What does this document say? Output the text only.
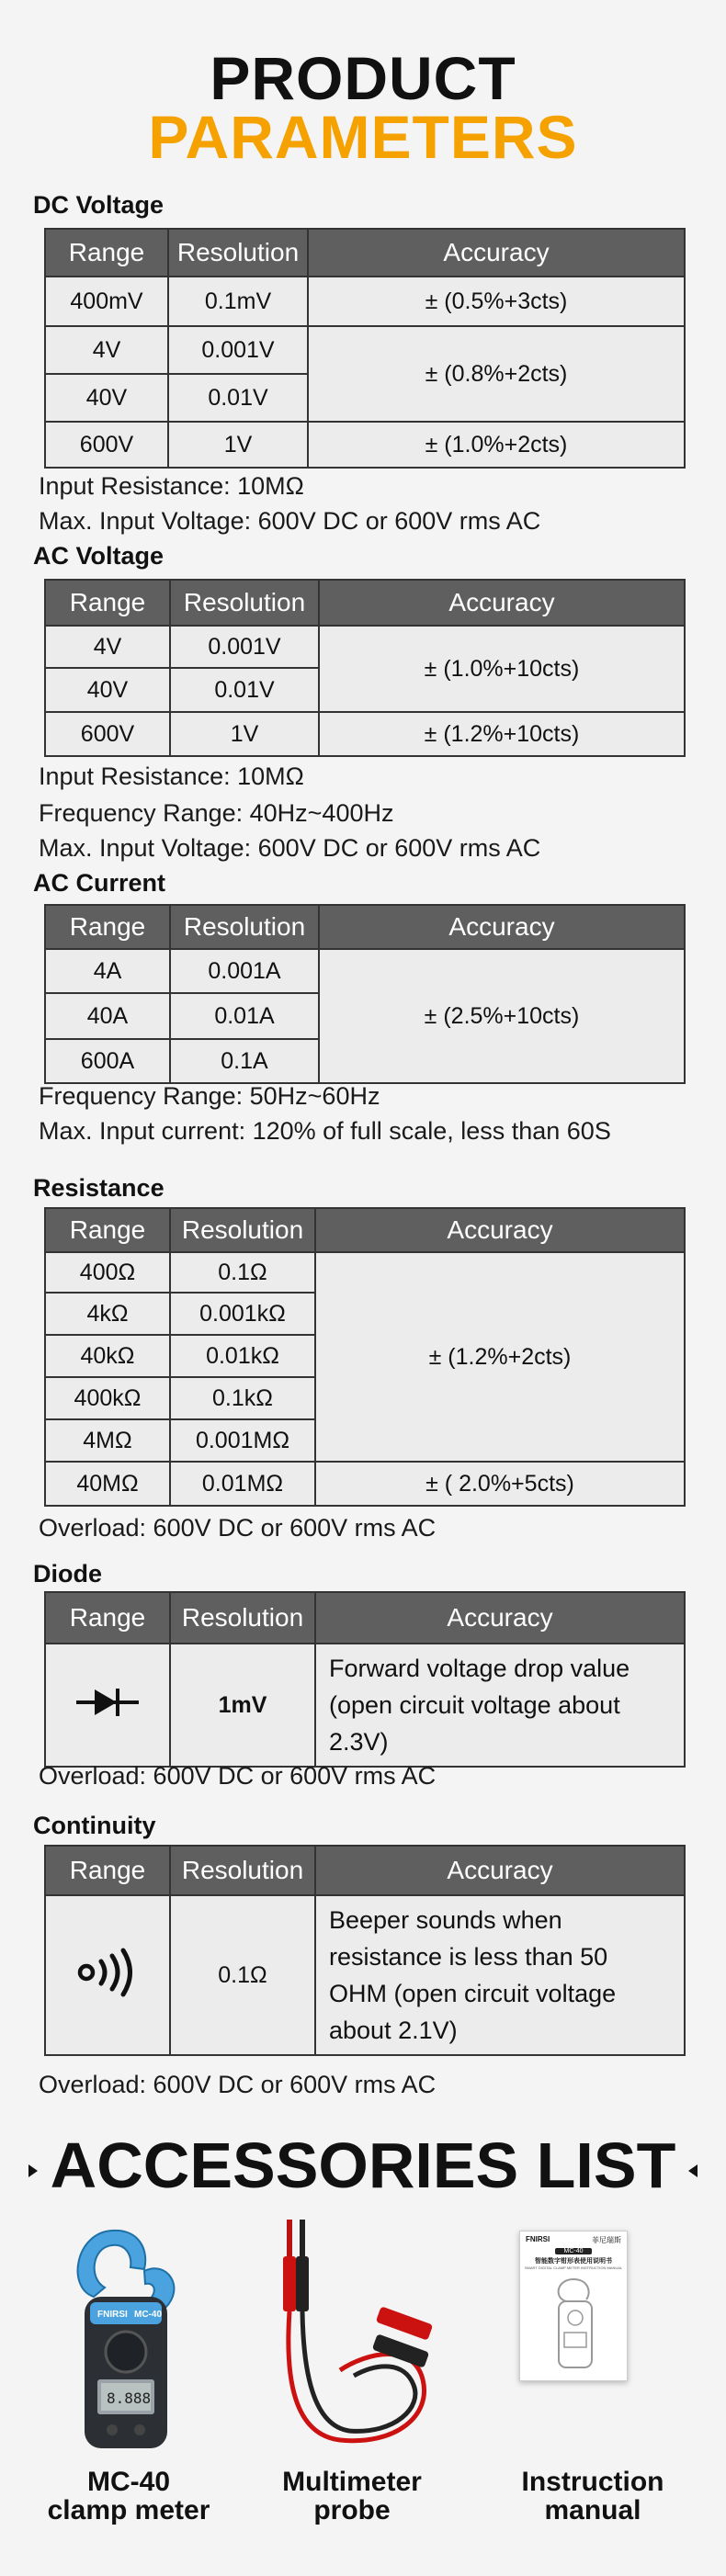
PRODUCT
PARAMETERS
DC Voltage
Range	Resolution	Accuracy
400mV	0.1mV	± (0.5%+3cts)
4V	0.001V	± (0.8%+2cts)
40V	0.01V	
600V	1V	± (1.0%+2cts)
Input Resistance: 10MΩ
Max. Input Voltage: 600V DC or 600V rms AC
AC Voltage
Range	Resolution	Accuracy
4V	0.001V	± (1.0%+10cts)
40V	0.01V	
600V	1V	± (1.2%+10cts)
Input Resistance: 10MΩ
Frequency Range: 40Hz~400Hz
Max. Input Voltage: 600V DC or 600V rms AC
AC Current
Range	Resolution	Accuracy
4A	0.001A	± (2.5%+10cts)
40A	0.01A	
600A	0.1A	
Frequency Range: 50Hz~60Hz
Max. Input current: 120% of full scale, less than 60S
Resistance
Range	Resolution	Accuracy
400Ω	0.1Ω	± (1.2%+2cts)
4kΩ	0.001kΩ	
40kΩ	0.01kΩ	
400kΩ	0.1kΩ	
4MΩ	0.001MΩ	
40MΩ	0.01MΩ	± ( 2.0%+5cts)
Overload: 600V DC or 600V rms AC
Diode
Range	Resolution	Accuracy
	1mV	Forward voltage drop value (open circuit voltage about 2.3V)
Overload: 600V DC or 600V rms AC
Continuity
Range	Resolution	Accuracy
	0.1Ω	Beeper sounds when resistance is less than 50 OHM (open circuit voltage about 2.1V)
Overload: 600V DC or 600V rms AC
ACCESSORIES LIST
8.888
FNIRSI MC-40
FNIRSI	菲尼瑞斯
MC-40
智能数字钳形表使用说明书
SMART DIGITAL CLAMP METER INSTRUCTION MANUAL
MC-40
clamp meter
Multimeter
probe
Instruction
manual
